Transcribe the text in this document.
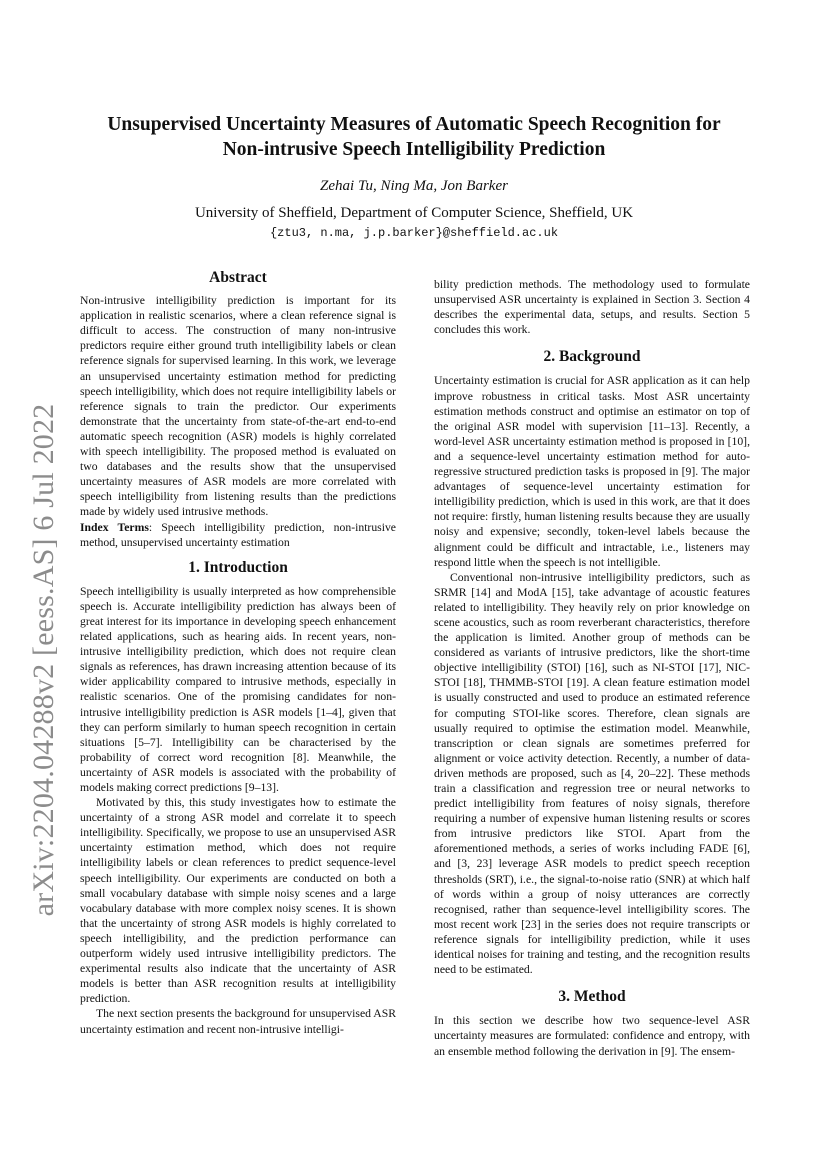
arXiv:2204.04288v2 [eess.AS] 6 Jul 2022
Unsupervised Uncertainty Measures of Automatic Speech Recognition for
Non-intrusive Speech Intelligibility Prediction
Zehai Tu, Ning Ma, Jon Barker
University of Sheffield, Department of Computer Science, Sheffield, UK
{ztu3, n.ma, j.p.barker}@sheffield.ac.uk
Abstract

Non-intrusive intelligibility prediction is important for its application in realistic scenarios, where a clean reference signal is difficult to access. The construction of many non-intrusive predictors require either ground truth intelligibility labels or clean reference signals for supervised learning. In this work, we leverage an unsupervised uncertainty estimation method for predicting speech intelligibility, which does not require intelligibility labels or reference signals to train the predictor. Our experiments demonstrate that the uncertainty from state-of-the-art end-to-end automatic speech recognition (ASR) models is highly correlated with speech intelligibility. The proposed method is evaluated on two databases and the results show that the unsupervised uncertainty measures of ASR models are more correlated with speech intelligibility from listening results than the predictions made by widely used intrusive methods.

Index Terms: Speech intelligibility prediction, non-intrusive method, unsupervised uncertainty estimation

1. Introduction

Speech intelligibility is usually interpreted as how comprehensible speech is. Accurate intelligibility prediction has always been of great interest for its importance in developing speech enhancement related applications, such as hearing aids. In recent years, non-intrusive intelligibility prediction, which does not require clean signals as references, has drawn increasing attention because of its wider applicability compared to intrusive methods, especially in realistic scenarios. One of the promising candidates for non-intrusive intelligibility prediction is ASR models [1–4], given that they can perform similarly to human speech recognition in certain situations [5–7]. Intelligibility can be characterised by the probability of correct word recognition [8]. Meanwhile, the uncertainty of ASR models is associated with the probability of models making correct predictions [9–13].

Motivated by this, this study investigates how to estimate the uncertainty of a strong ASR model and correlate it to speech intelligibility. Specifically, we propose to use an unsupervised ASR uncertainty estimation method, which does not require intelligibility labels or clean references to predict sequence-level speech intelligibility. Our experiments are conducted on both a small vocabulary database with simple noisy scenes and a large vocabulary database with more complex noisy scenes. It is shown that the uncertainty of strong ASR models is highly correlated to speech intelligibility, and the prediction performance can outperform widely used intrusive intelligibility predictors. The experimental results also indicate that the uncertainty of ASR models is better than ASR recognition results at intelligibility prediction.

The next section presents the background for unsupervised ASR uncertainty estimation and recent non-intrusive intelligi-

bility prediction methods. The methodology used to formulate unsupervised ASR uncertainty is explained in Section 3. Section 4 describes the experimental data, setups, and results. Section 5 concludes this work.

2. Background

Uncertainty estimation is crucial for ASR application as it can help improve robustness in critical tasks. Most ASR uncertainty estimation methods construct and optimise an estimator on top of the original ASR model with supervision [11–13]. Recently, a word-level ASR uncertainty estimation method is proposed in [10], and a sequence-level uncertainty estimation method for auto-regressive structured prediction tasks is proposed in [9]. The major advantages of sequence-level uncertainty estimation for intelligibility prediction, which is used in this work, are that it does not require: firstly, human listening results because they are usually noisy and expensive; secondly, token-level labels because the alignment could be difficult and intractable, i.e., listeners may respond little when the speech is not intelligible.

Conventional non-intrusive intelligibility predictors, such as SRMR [14] and ModA [15], take advantage of acoustic features related to intelligibility. They heavily rely on prior knowledge on scene acoustics, such as room reverberant characteristics, therefore the application is limited. Another group of methods can be considered as variants of intrusive predictors, like the short-time objective intelligibility (STOI) [16], such as NI-STOI [17], NIC-STOI [18], THMMB-STOI [19]. A clean feature estimation model is usually constructed and used to produce an estimated reference for computing STOI-like scores. Therefore, clean signals are usually required to optimise the estimation model. Meanwhile, transcription or clean signals are sometimes preferred for alignment or voice activity detection. Recently, a number of data-driven methods are proposed, such as [4, 20–22]. These methods train a classification and regression tree or neural networks to predict intelligibility from features of noisy signals, therefore requiring a number of expensive human listening results or scores from intrusive predictors like STOI. Apart from the aforementioned methods, a series of works including FADE [6], and [3, 23] leverage ASR models to predict speech reception thresholds (SRT), i.e., the signal-to-noise ratio (SNR) at which half of words within a group of noisy utterances are correctly recognised, rather than sequence-level intelligibility scores. The most recent work [23] in the series does not require transcripts or reference signals for intelligibility prediction, while it uses identical noises for training and testing, and the recognition results need to be estimated.

3. Method

In this section we describe how two sequence-level ASR uncertainty measures are formulated: confidence and entropy, with an ensemble method following the derivation in [9]. The ensem-
